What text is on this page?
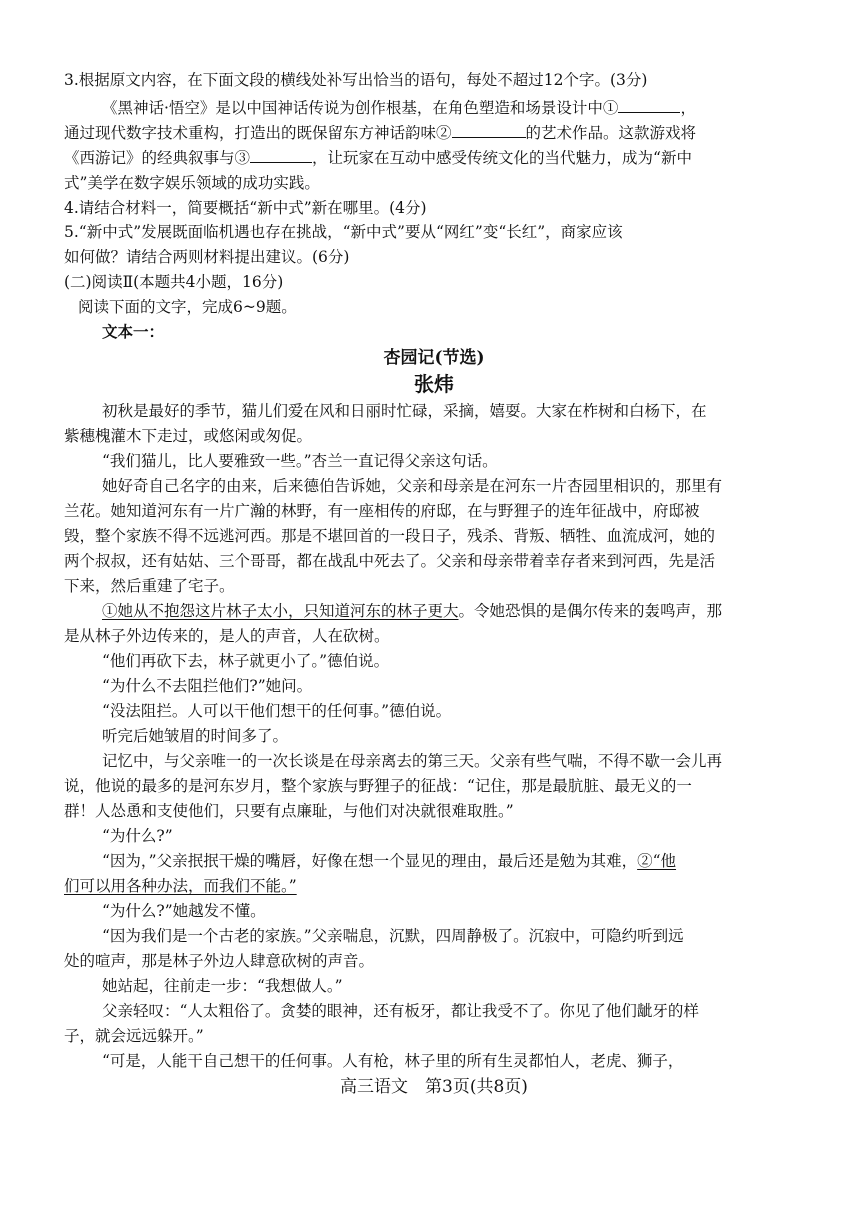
3.根据原文内容，在下面文段的横线处补写出恰当的语句，每处不超过12个字。(3分)
《黑神话·悟空》是以中国神话传说为创作根基，在角色塑造和场景设计中①	，
通过现代数字技术重构，打造出的既保留东方神话韵味②	的艺术作品。这款游戏将
《西游记》的经典叙事与③	，让玩家在互动中感受传统文化的当代魅力，成为“新中
式”美学在数字娱乐领域的成功实践。
4.请结合材料一，简要概括“新中式”新在哪里。(4分)
5.“新中式”发展既面临机遇也存在挑战，“新中式”要从“网红”变“长红”，商家应该
如何做？请结合两则材料提出建议。(6分)
(二)阅读Ⅱ(本题共4小题，16分)
阅读下面的文字，完成6~9题。
文本一：
杏园记(节选)
张炜
初秋是最好的季节，猫儿们爱在风和日丽时忙碌，采摘，嬉耍。大家在柞树和白杨下，在
紫穗槐灌木下走过，或悠闲或匆促。
“我们猫儿，比人要雅致一些。”杏兰一直记得父亲这句话。
她好奇自己名字的由来，后来德伯告诉她，父亲和母亲是在河东一片杏园里相识的，那里有
兰花。她知道河东有一片广瀚的林野，有一座相传的府邸，在与野狸子的连年征战中，府邸被
毁，整个家族不得不远逃河西。那是不堪回首的一段日子，残杀、背叛、牺牲、血流成河，她的
两个叔叔，还有姑姑、三个哥哥，都在战乱中死去了。父亲和母亲带着幸存者来到河西，先是活
下来，然后重建了宅子。
①她从不抱怨这片林子太小，只知道河东的林子更大。令她恐惧的是偶尔传来的轰鸣声，那
是从林子外边传来的，是人的声音，人在砍树。
“他们再砍下去，林子就更小了。”德伯说。
“为什么不去阻拦他们?”她问。
“没法阻拦。人可以干他们想干的任何事。”德伯说。
听完后她皱眉的时间多了。
记忆中，与父亲唯一的一次长谈是在母亲离去的第三天。父亲有些气喘，不得不歇一会儿再
说，他说的最多的是河东岁月，整个家族与野狸子的征战：“记住，那是最肮脏、最无义的一
群！人怂恿和支使他们，只要有点廉耻，与他们对决就很难取胜。”
“为什么?”
“因为，”父亲抿抿干燥的嘴唇，好像在想一个显见的理由，最后还是勉为其难，②“他
们可以用各种办法，而我们不能。”
“为什么?”她越发不懂。
“因为我们是一个古老的家族。”父亲喘息，沉默，四周静极了。沉寂中，可隐约听到远
处的喧声，那是林子外边人肆意砍树的声音。
她站起，往前走一步：“我想做人。”
父亲轻叹：“人太粗俗了。贪婪的眼神，还有板牙，都让我受不了。你见了他们龇牙的样
子，就会远远躲开。”
“可是，人能干自己想干的任何事。人有枪，林子里的所有生灵都怕人，老虎、狮子，
高三语文　第3页(共8页)
